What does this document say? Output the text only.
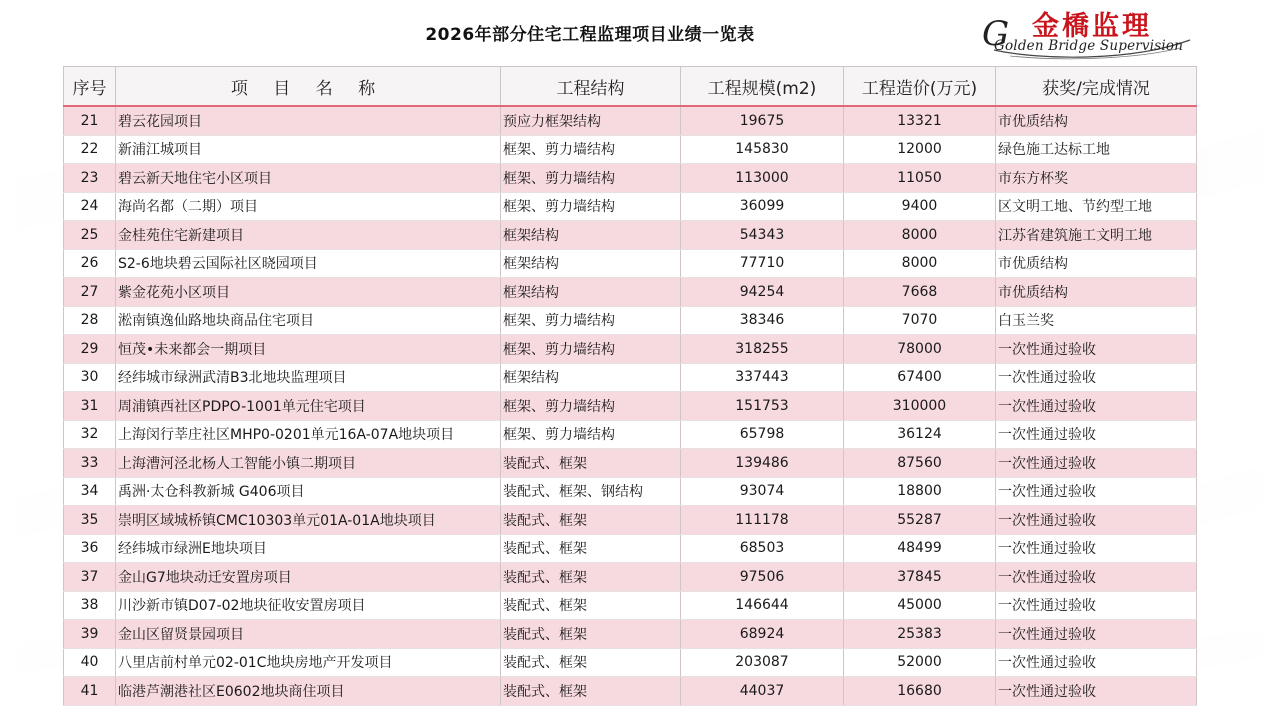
2026年部分住宅工程监理项目业绩一览表	G 金橋监理
Golden Bridge Supervision
序号	项 目 名 称	工程结构	工程规模(m2)	工程造价(万元)	获奖/完成情况
21	碧云花园项目	预应力框架结构	19675	13321	市优质结构
22	新浦江城项目	框架、剪力墙结构	145830	12000	绿色施工达标工地
23	碧云新天地住宅小区项目	框架、剪力墙结构	113000	11050	市东方杯奖
24	海尚名都（二期）项目	框架、剪力墙结构	36099	9400	区文明工地、节约型工地
25	金桂苑住宅新建项目	框架结构	54343	8000	江苏省建筑施工文明工地
26	S2-6地块碧云国际社区晓园项目	框架结构	77710	8000	市优质结构
27	紫金花苑小区项目	框架结构	94254	7668	市优质结构
28	淞南镇逸仙路地块商品住宅项目	框架、剪力墙结构	38346	7070	白玉兰奖
29	恒茂•未来都会一期项目	框架、剪力墙结构	318255	78000	一次性通过验收
30	经纬城市绿洲武清B3北地块监理项目	框架结构	337443	67400	一次性通过验收
31	周浦镇西社区PDPO-1001单元住宅项目	框架、剪力墙结构	151753	310000	一次性通过验收
32	上海闵行莘庄社区MHP0-0201单元16A-07A地块项目	框架、剪力墙结构	65798	36124	一次性通过验收
33	上海漕河泾北杨人工智能小镇二期项目	装配式、框架	139486	87560	一次性通过验收
34	禹洲·太仓科教新城 G406项目	装配式、框架、钢结构	93074	18800	一次性通过验收
35	崇明区域城桥镇CMC10303单元01A-01A地块项目	装配式、框架	111178	55287	一次性通过验收
36	经纬城市绿洲E地块项目	装配式、框架	68503	48499	一次性通过验收
37	金山G7地块动迁安置房项目	装配式、框架	97506	37845	一次性通过验收
38	川沙新市镇D07-02地块征收安置房项目	装配式、框架	146644	45000	一次性通过验收
39	金山区留贤景园项目	装配式、框架	68924	25383	一次性通过验收
40	八里店前村单元02-01C地块房地产开发项目	装配式、框架	203087	52000	一次性通过验收
41	临港芦潮港社区E0602地块商住项目	装配式、框架	44037	16680	一次性通过验收
